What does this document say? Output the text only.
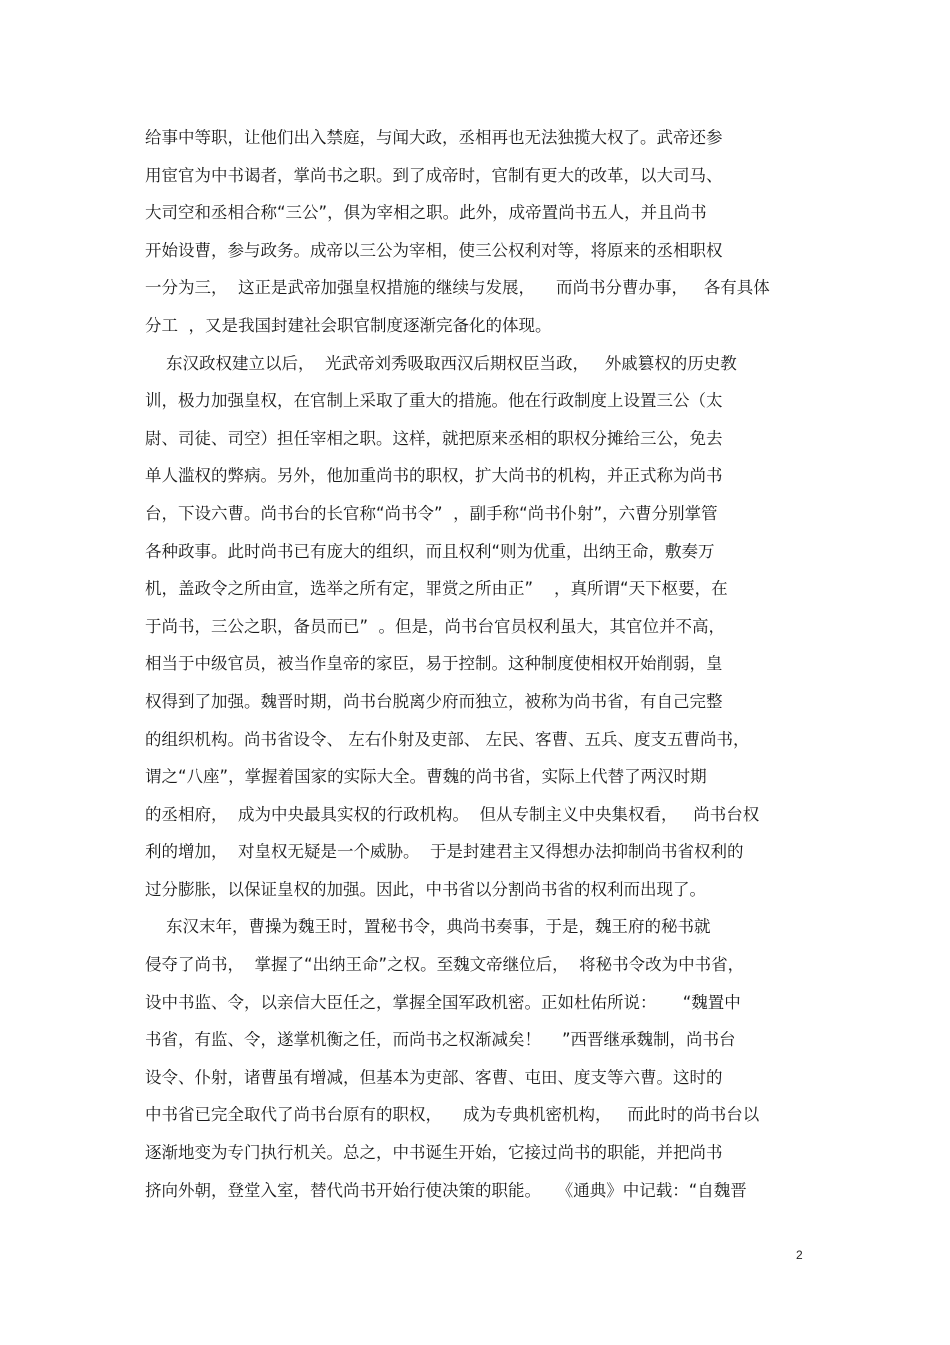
给事中等职，让他们出入禁庭，与闻大政，丞相再也无法独揽大权了。武帝还参
用宦官为中书谒者，掌尚书之职。到了成帝时，官制有更大的改革，以大司马、
大司空和丞相合称“三公”，俱为宰相之职。此外，成帝置尚书五人，并且尚书
开始设曹，参与政务。成帝以三公为宰相，使三公权利对等，将原来的丞相职权
一分为三，  这正是武帝加强皇权措施的继续与发展，    而尚书分曹办事，   各有具体
分工  ，又是我国封建社会职官制度逐渐完备化的体现。
东汉政权建立以后，  光武帝刘秀吸取西汉后期权臣当政，   外戚篡权的历史教
训，极力加强皇权，在官制上采取了重大的措施。他在行政制度上设置三公（太
尉、司徒、司空）担任宰相之职。这样，就把原来丞相的职权分摊给三公，免去
单人滥权的弊病。另外，他加重尚书的职权，扩大尚书的机构，并正式称为尚书
台，下设六曹。尚书台的长官称“尚书令”  ，副手称“尚书仆射”，六曹分别掌管
各种政事。此时尚书已有庞大的组织，而且权利“则为优重，出纳王命，敷奏万
机，盖政令之所由宣，选举之所有定，罪赏之所由正”    ，真所谓“天下枢要，在
于尚书，三公之职，备员而已”  。但是，尚书台官员权利虽大，其官位并不高，
相当于中级官员，被当作皇帝的家臣，易于控制。这种制度使相权开始削弱，皇
权得到了加强。魏晋时期，尚书台脱离少府而独立，被称为尚书省，有自己完整
的组织机构。尚书省设令、 左右仆射及吏部、 左民、客曹、五兵、度支五曹尚书，
谓之“八座”，掌握着国家的实际大全。曹魏的尚书省，实际上代替了两汉时期
的丞相府，  成为中央最具实权的行政机构。  但从专制主义中央集权看，   尚书台权
利的增加，  对皇权无疑是一个威胁。  于是封建君主又得想办法抑制尚书省权利的
过分膨胀，以保证皇权的加强。因此，中书省以分割尚书省的权利而出现了。
东汉末年，曹操为魏王时，置秘书令，典尚书奏事，于是，魏王府的秘书就
侵夺了尚书，  掌握了“出纳王命”之权。至魏文帝继位后，  将秘书令改为中书省，
设中书监、令，以亲信大臣任之，掌握全国军政机密。正如杜佑所说：     “魏置中
书省，有监、令，遂掌机衡之任，而尚书之权渐减矣！    ”西晋继承魏制，尚书台
设令、仆射，诸曹虽有增减，但基本为吏部、客曹、屯田、度支等六曹。这时的
中书省已完全取代了尚书台原有的职权，    成为专典机密机构，   而此时的尚书台以
逐渐地变为专门执行机关。总之，中书诞生开始，它接过尚书的职能，并把尚书
挤向外朝，登堂入室，替代尚书开始行使决策的职能。   《通典》中记载：“自魏晋
2
